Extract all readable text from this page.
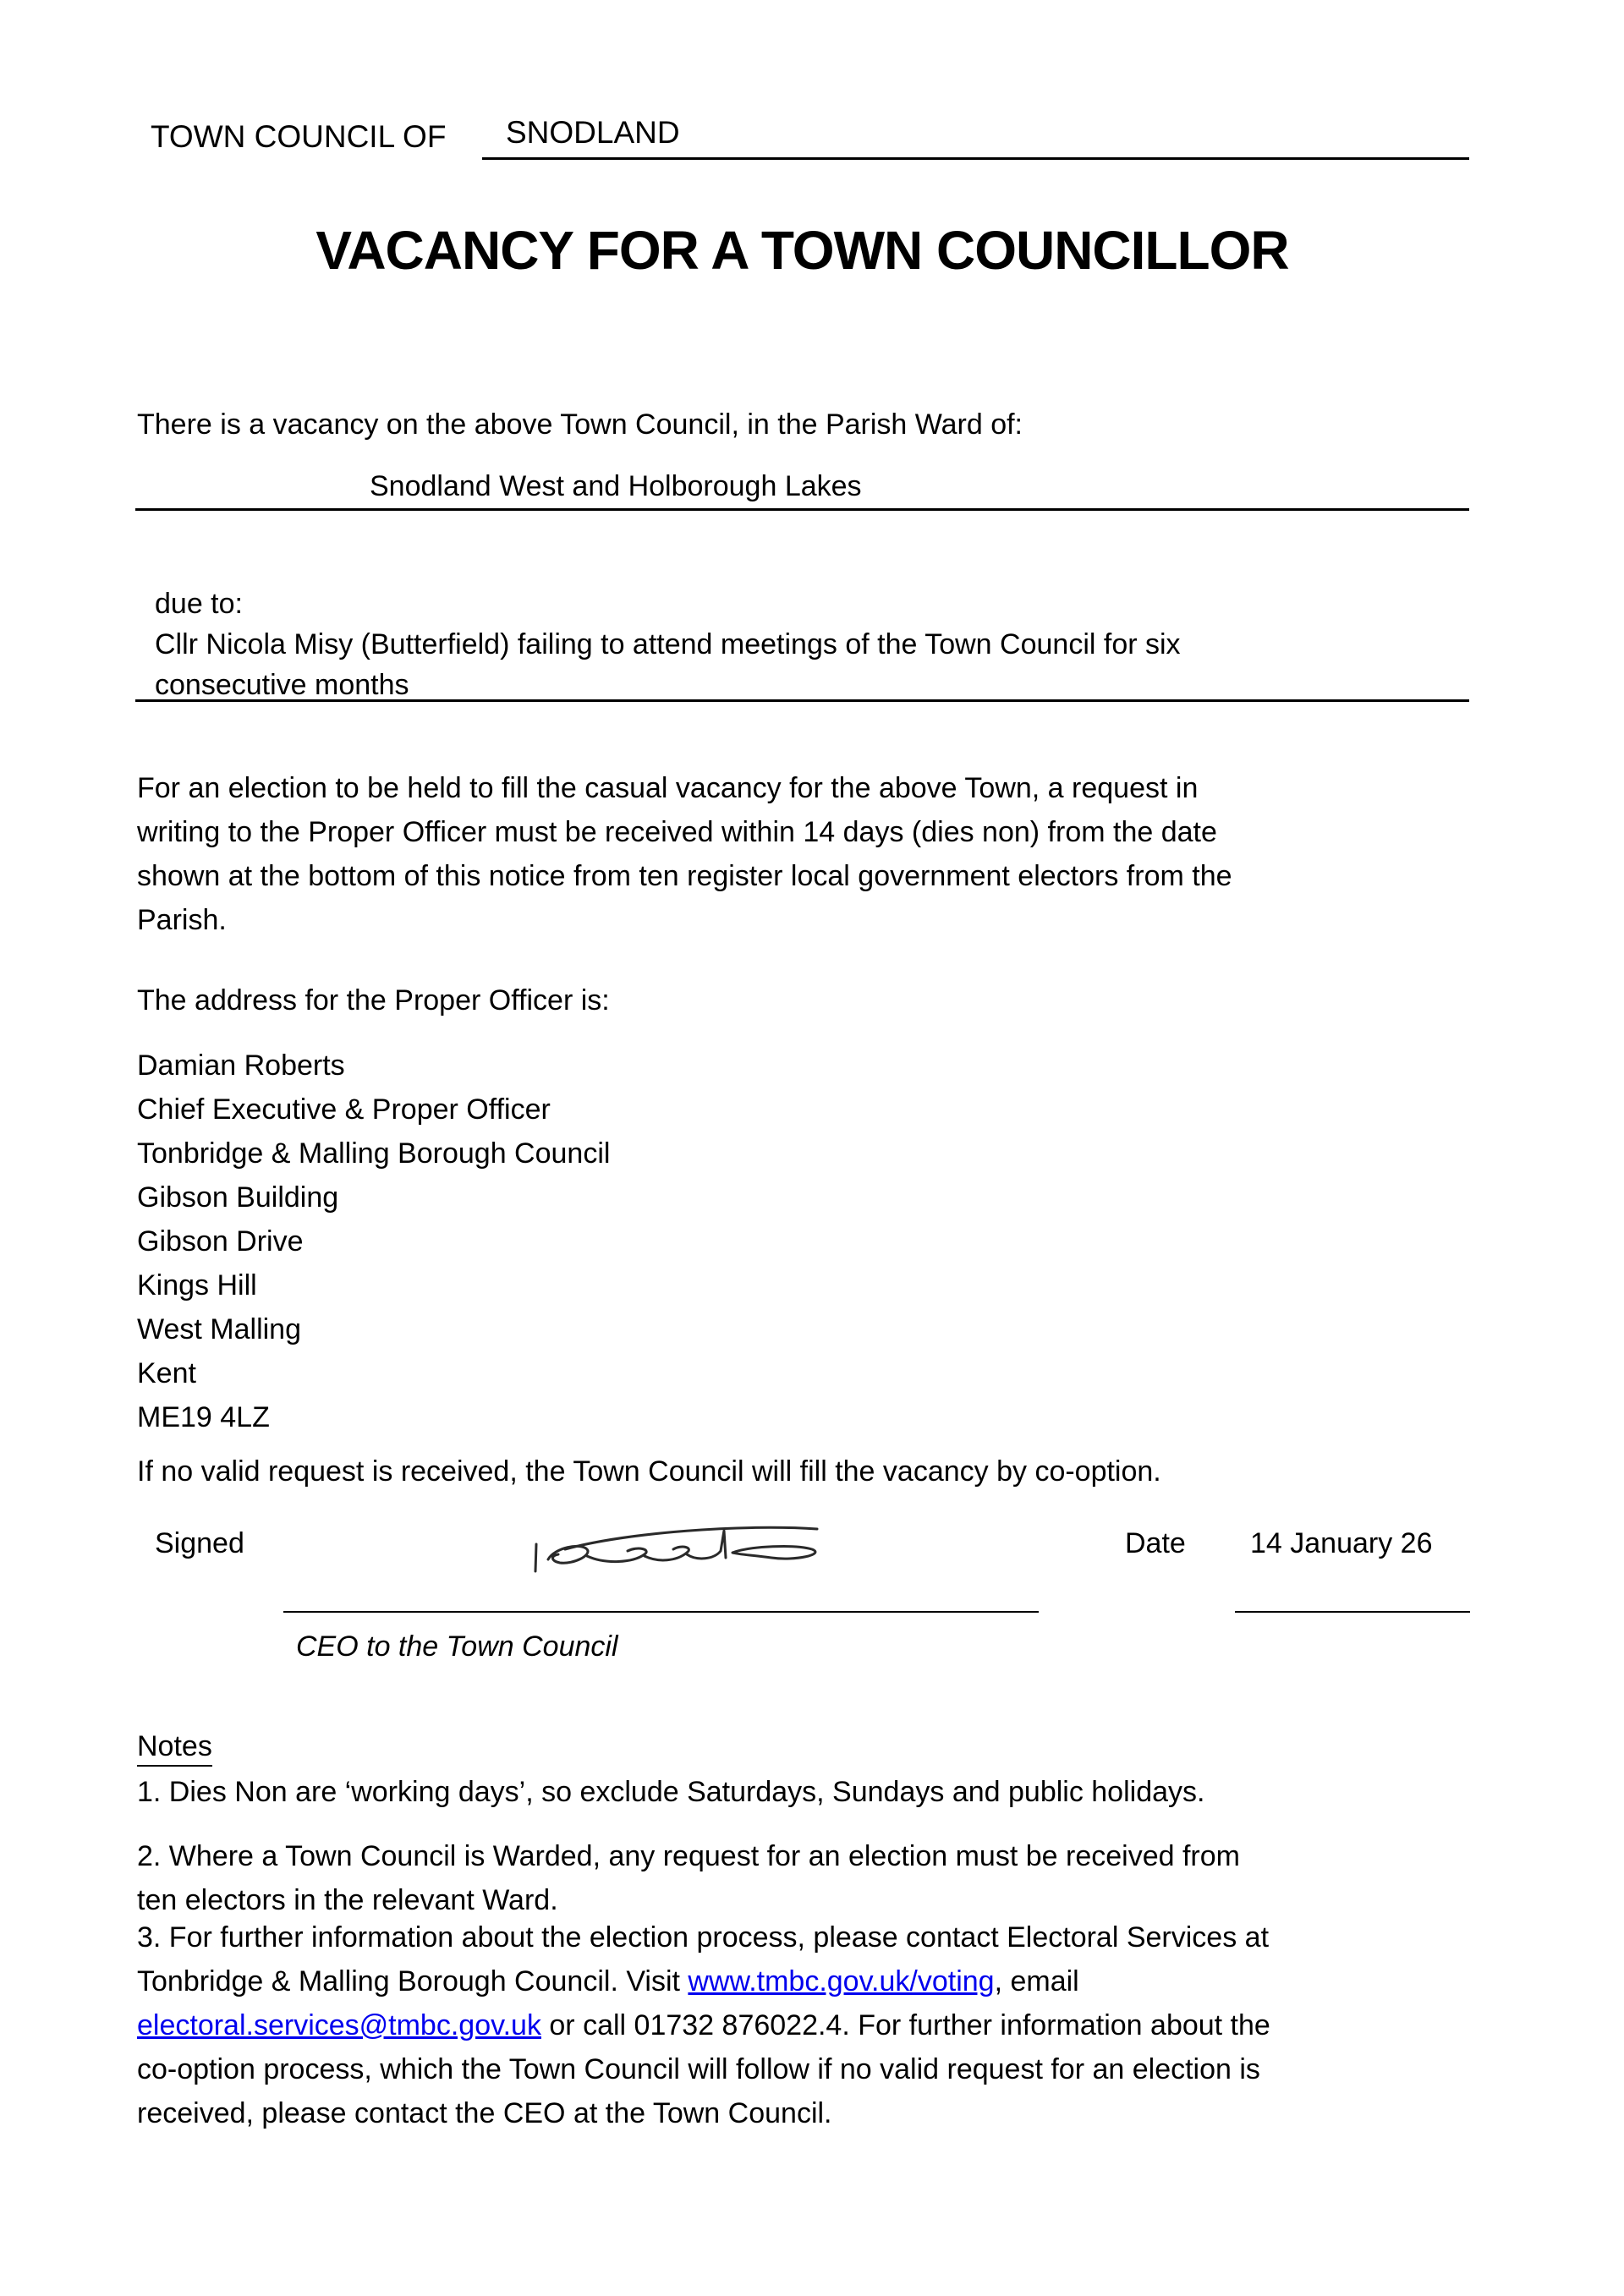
TOWN COUNCIL OF	SNODLAND
VACANCY FOR A TOWN COUNCILLOR
There is a vacancy on the above Town Council, in the Parish Ward of:
Snodland West and Holborough Lakes
due to:
Cllr Nicola Misy (Butterfield) failing to attend meetings of the Town Council for six
consecutive months
For an election to be held to fill the casual vacancy for the above Town, a request in
writing to the Proper Officer must be received within 14 days (dies non) from the date
shown at the bottom of this notice from ten register local government electors from the
Parish.
The address for the Proper Officer is:
Damian Roberts
Chief Executive & Proper Officer
Tonbridge & Malling Borough Council
Gibson Building
Gibson Drive
Kings Hill
West Malling
Kent
ME19 4LZ
If no valid request is received, the Town Council will fill the vacancy by co-option.
Signed	Date 14 January 26
CEO to the Town Council
Notes
1. Dies Non are ‘working days’, so exclude Saturdays, Sundays and public holidays.
2. Where a Town Council is Warded, any request for an election must be received from
ten electors in the relevant Ward.
3. For further information about the election process, please contact Electoral Services at
Tonbridge & Malling Borough Council. Visit www.tmbc.gov.uk/voting, email
electoral.services@tmbc.gov.uk or call 01732 876022.4. For further information about the
co-option process, which the Town Council will follow if no valid request for an election is
received, please contact the CEO at the Town Council.
